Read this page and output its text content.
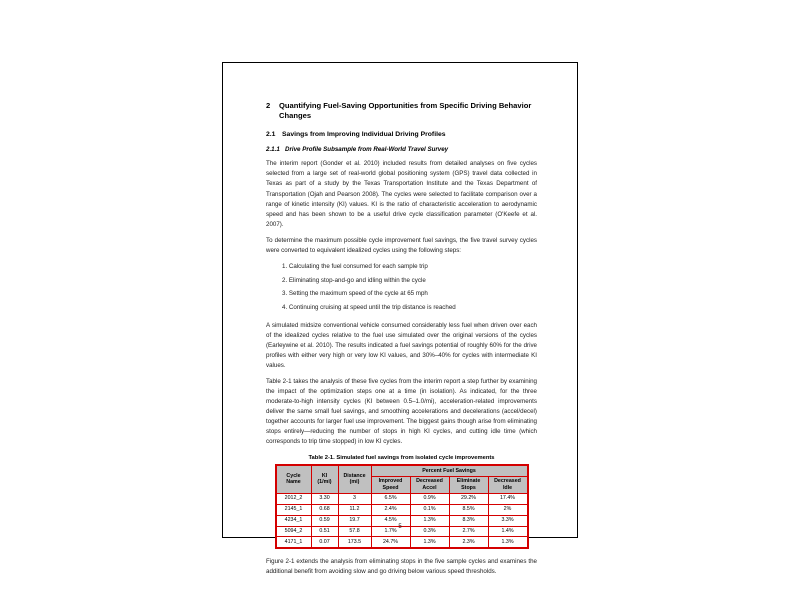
2	Quantifying Fuel-Saving Opportunities from Specific Driving Behavior Changes
2.1 Savings from Improving Individual Driving Profiles
2.1.1 Drive Profile Subsample from Real-World Travel Survey

The interim report (Gonder et al. 2010) included results from detailed analyses on five cycles selected from a large set of real-world global positioning system (GPS) travel data collected in Texas as part of a study by the Texas Transportation Institute and the Texas Department of Transportation (Ojah and Pearson 2008). The cycles were selected to facilitate comparison over a range of kinetic intensity (KI) values. KI is the ratio of characteristic acceleration to aerodynamic speed and has been shown to be a useful drive cycle classification parameter (O'Keefe et al. 2007).

To determine the maximum possible cycle improvement fuel savings, the five travel survey cycles were converted to equivalent idealized cycles using the following steps:

1. Calculating the fuel consumed for each sample trip
2. Eliminating stop-and-go and idling within the cycle
3. Setting the maximum speed of the cycle at 65 mph
4. Continuing cruising at speed until the trip distance is reached

A simulated midsize conventional vehicle consumed considerably less fuel when driven over each of the idealized cycles relative to the fuel use simulated over the original versions of the cycles (Earleywine et al. 2010). The results indicated a fuel savings potential of roughly 60% for the drive profiles with either very high or very low KI values, and 30%–40% for cycles with intermediate KI values.

Table 2-1 takes the analysis of these five cycles from the interim report a step further by examining the impact of the optimization steps one at a time (in isolation). As indicated, for the three moderate-to-high intensity cycles (KI between 0.5–1.0/mi), acceleration-related improvements deliver the same small fuel savings, and smoothing accelerations and decelerations (accel/decel) together accounts for larger fuel use improvement. The biggest gains though arise from eliminating stops entirely—reducing the number of stops in high KI cycles, and cutting idle time (which corresponds to trip time stopped) in low KI cycles.

Table 2-1. Simulated fuel savings from isolated cycle improvements
Cycle Name	KI (1/mi)	Distance (mi)	Percent Fuel Savings			
			Improved Speed	Decreased Accel	Eliminate Stops	Decreased Idle
2012_2	3.30	3	6.5%	0.9%	29.2%	17.4%
2145_1	0.68	11.2	2.4%	0.1%	8.5%	2%
4234_1	0.59	19.7	4.5%	1.3%	8.3%	3.3%
5094_2	0.51	57.8	1.7%	0.3%	2.7%	1.4%
4171_1	0.07	173.5	24.7%	1.3%	2.3%	1.3%

Figure 2-1 extends the analysis from eliminating stops in the five sample cycles and examines the additional benefit from avoiding slow and go driving below various speed thresholds.

5
